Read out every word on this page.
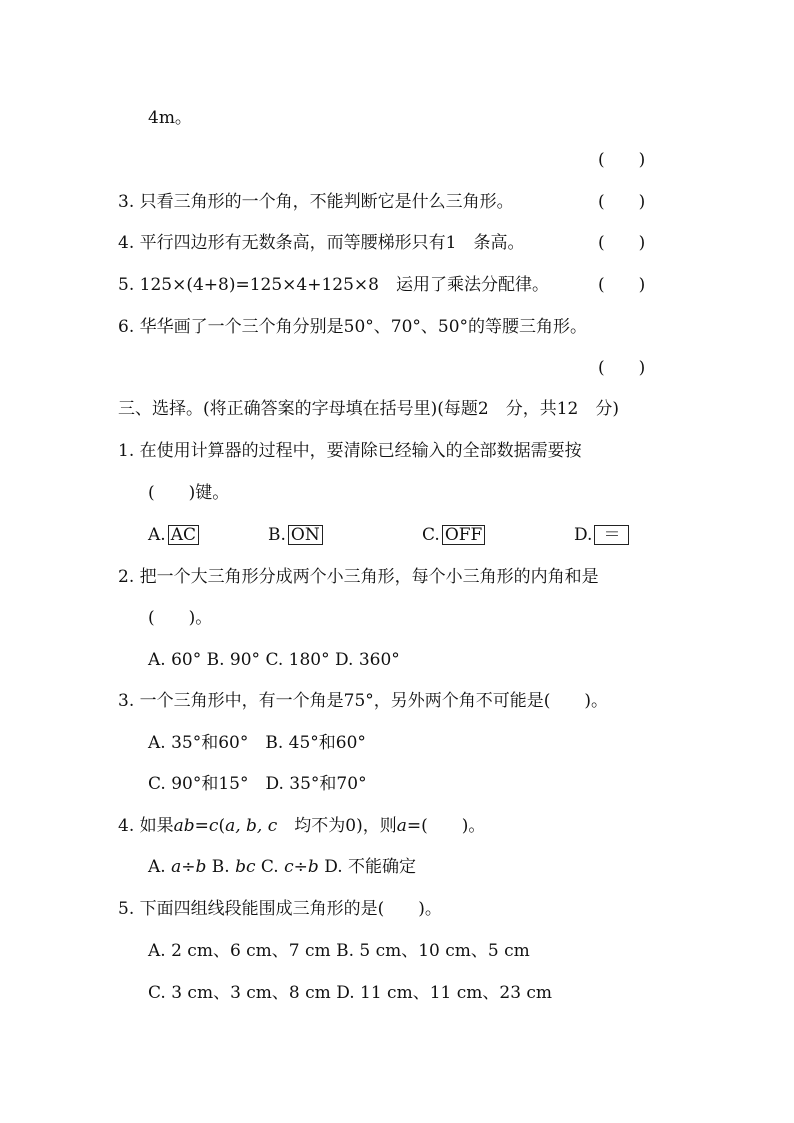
4m。
(　　)
3. 只看三角形的一个角，不能判断它是什么三角形。	(　　)
4. 平行四边形有无数条高，而等腰梯形只有1　条高。	(　　)
5. 125×(4+8)=125×4+125×8　运用了乘法分配律。	(　　)
6. 华华画了一个三个角分别是50°、70°、50°的等腰三角形。
(　　)
三、选择。(将正确答案的字母填在括号里)(每题2　分，共12　分)
1. 在使用计算器的过程中，要清除已经输入的全部数据需要按
(　　)键。
A. AC	B. ON	C. OFF	D. ＝
2. 把一个大三角形分成两个小三角形，每个小三角形的内角和是
(　　)。
A. 60° B. 90° C. 180° D. 360°
3. 一个三角形中，有一个角是75°，另外两个角不可能是(　　)。
A. 35°和60°　B. 45°和60°
C. 90°和15°　D. 35°和70°
4. 如果ab=c(a, b, c　均不为0)，则a=(　　)。
A. a÷b B. bc C. c÷b D. 不能确定
5. 下面四组线段能围成三角形的是(　　)。
A. 2 cm、6 cm、7 cm B. 5 cm、10 cm、5 cm
C. 3 cm、3 cm、8 cm D. 11 cm、11 cm、23 cm
